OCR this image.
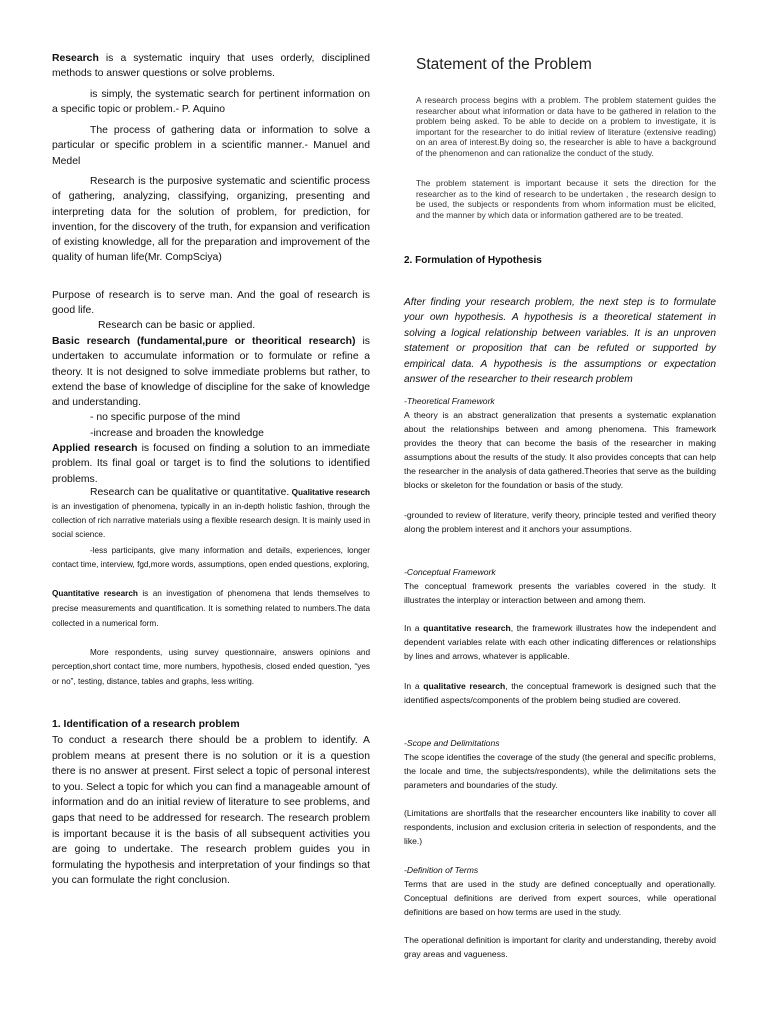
Research is a systematic inquiry that uses orderly, disciplined methods to answer questions or solve problems.

is simply, the systematic search for pertinent information on a specific topic or problem.- P. Aquino

The process of gathering data or information to solve a particular or specific problem in a scientific manner.- Manuel and Medel

Research is the purposive systematic and scientific process of gathering, analyzing, classifying, organizing, presenting and interpreting data for the solution of problem, for prediction, for invention, for the discovery of the truth, for expansion and verification of existing knowledge, all for the preparation and improvement of the quality of human life(Mr. CompSciya)

Purpose of research is to serve man. And the goal of research is good life.

Research can be basic or applied.

Basic research (fundamental,pure or theoritical research) is undertaken to accumulate information or to formulate or refine a theory. It is not designed to solve immediate problems but rather, to extend the base of knowledge of discipline for the sake of knowledge and understanding.

- no specific purpose of the mind

-increase and broaden the knowledge

Applied research is focused on finding a solution to an immediate problem. Its final goal or target is to find the solutions to identified problems.

Research can be qualitative or quantitative. Qualitative research is an investigation of phenomena, typically in an in-depth holistic fashion, through the collection of rich narrative materials using a flexible research design. It is mainly used in social science.

-less participants, give many information and details, experiences, longer contact time, interview, fgd,more words, assumptions, open ended questions, exploring,

Quantitative research is an investigation of phenomena that lends themselves to precise measurements and quantification. It is something related to numbers.The data collected in a numerical form.

More respondents, using survey questionnaire, answers opinions and perception,short contact time, more numbers, hypothesis, closed ended question, “yes or no”, testing, distance, tables and graphs, less writing.

1. Identification of a research problem

To conduct a research there should be a problem to identify. A problem means at present there is no solution or it is a question there is no answer at present. First select a topic of personal interest to you. Select a topic for which you can find a manageable amount of information and do an initial review of literature to see problems, and gaps that need to be addressed for research. The research problem is important because it is the basis of all subsequent activities you are going to undertake. The research problem guides you in formulating the hypothesis and interpretation of your findings so that you can formulate the right conclusion.

Statement of the Problem

A research process begins with a problem. The problem statement guides the researcher about what information or data have to be gathered in relation to the problem being asked. To be able to decide on a problem to investigate, it is important for the researcher to do initial review of literature (extensive reading) on an area of interest.By doing so, the researcher is able to have a background of the phenomenon and can rationalize the conduct of the study.

The problem statement is important because it sets the direction for the researcher as to the kind of research to be undertaken , the research design to be used, the subjects or respondents from whom information must be elicited, and the manner by which data or information gathered are to be treated.

2. Formulation of Hypothesis

After finding your research problem, the next step is to formulate your own hypothesis. A hypothesis is a theoretical statement in solving a logical relationship between variables. It is an unproven statement or proposition that can be refuted or supported by empirical data. A hypothesis is the assumptions or expectation answer of the researcher to their research problem

-Theoretical Framework

A theory is an abstract generalization that presents a systematic explanation about the relationships between and among phenomena. This framework provides the theory that can become the basis of the researcher in making assumptions about the results of the study. It also provides concepts that can help the researcher in the analysis of data gathered.Theories that serve as the building blocks or skeleton for the foundation or basis of the study.

-grounded to review of literature, verify theory, principle tested and verified theory along the problem interest and it anchors your assumptions.

-Conceptual Framework

The conceptual framework presents the variables covered in the study. It illustrates the interplay or interaction between and among them.

In a quantitative research, the framework illustrates how the independent and dependent variables relate with each other indicating differences or relationships by lines and arrows, whatever is applicable.

In a qualitative research, the conceptual framework is designed such that the identified aspects/components of the problem being studied are covered.

-Scope and Delimitations

The scope identifies the coverage of the study (the general and specific problems, the locale and time, the subjects/respondents), while the delimitations sets the parameters and boundaries of the study.

(Limitations are shortfalls that the researcher encounters like inability to cover all respondents, inclusion and exclusion criteria in selection of respondents, and the like.)

-Definition of Terms

Terms that are used in the study are defined conceptually and operationally. Conceptual definitions are derived from expert sources, while operational definitions are based on how terms are used in the study.

The operational definition is important for clarity and understanding, thereby avoid gray areas and vagueness.
